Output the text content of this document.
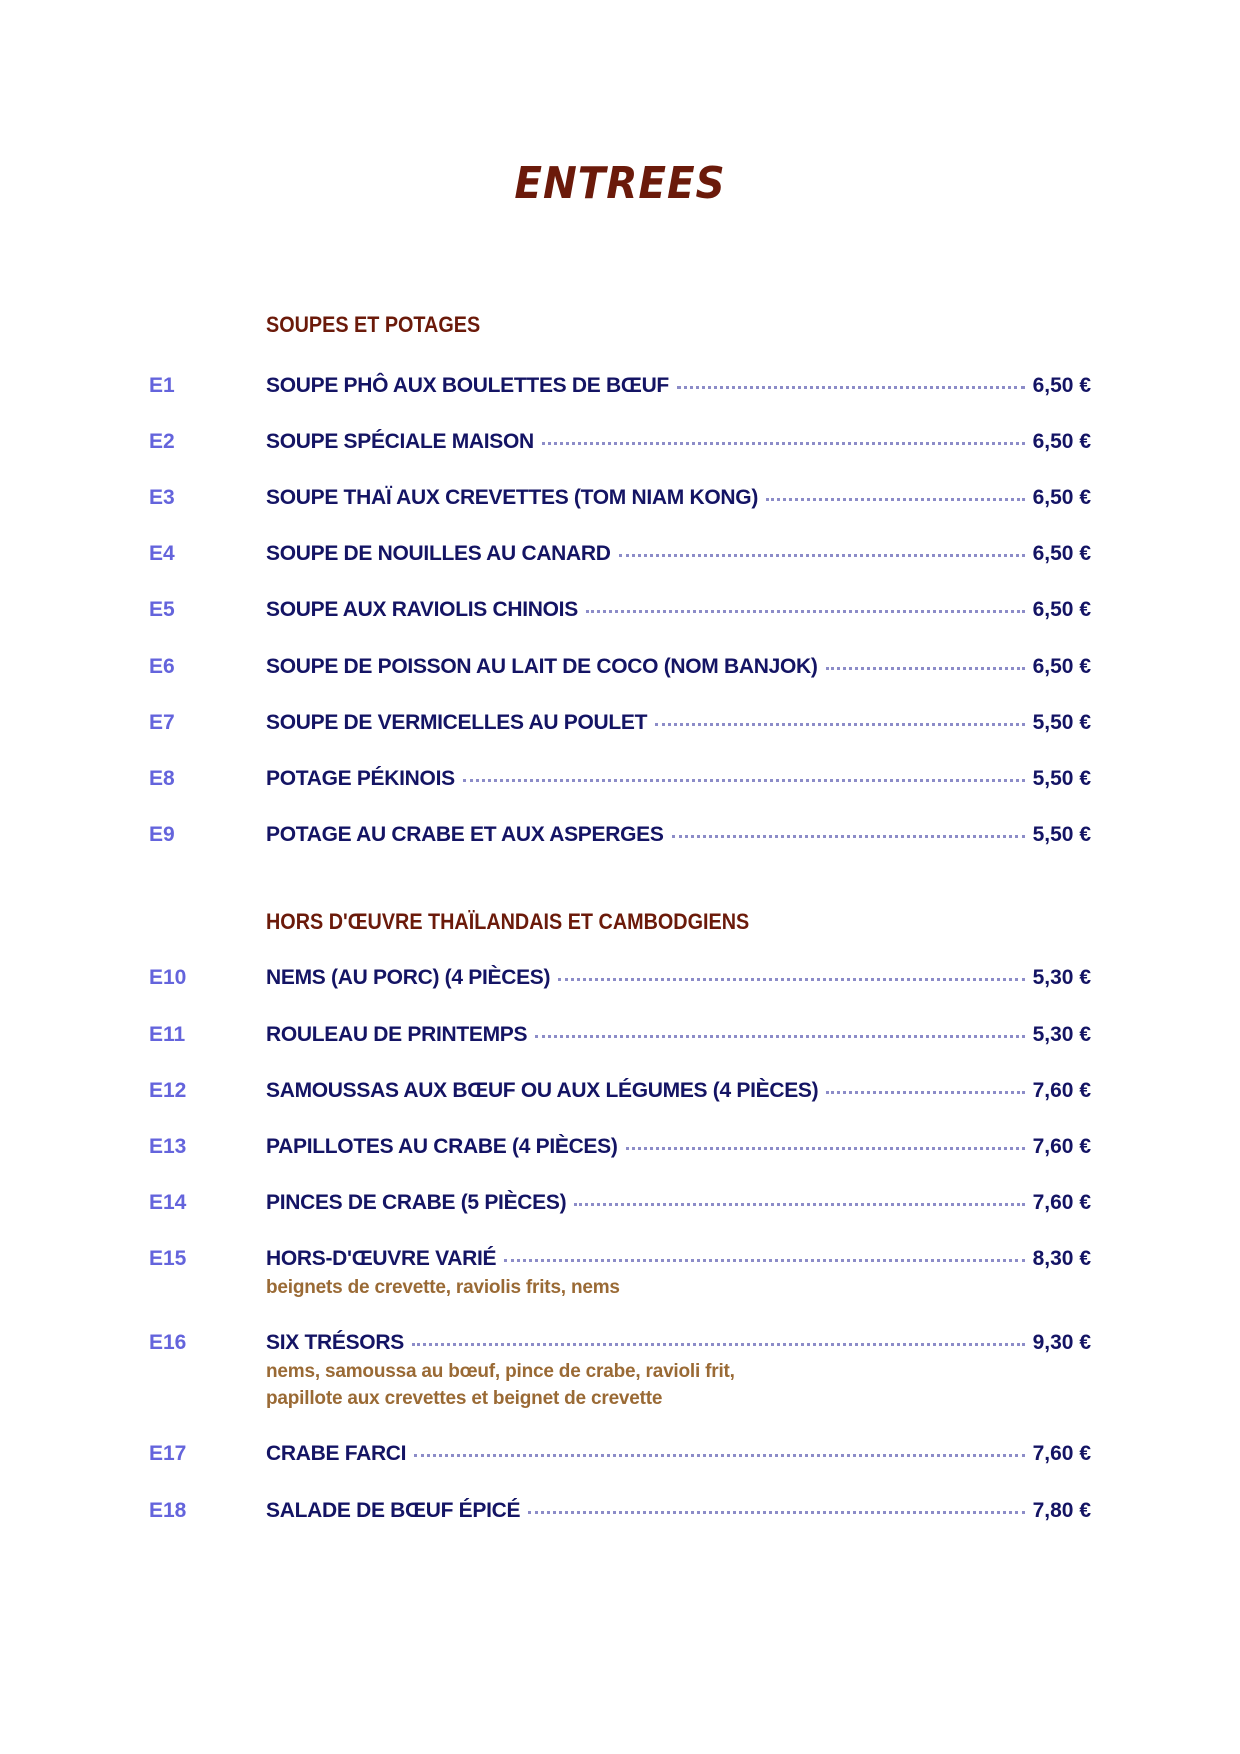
ENTREES
SOUPES ET POTAGES
HORS D'ŒUVRE THAÏLANDAIS ET CAMBODGIENS
E1	SOUPE PHÔ AUX BOULETTES DE BŒUF	6,50 €
E2	SOUPE SPÉCIALE MAISON	6,50 €
E3	SOUPE THAÏ AUX CREVETTES (TOM NIAM KONG)	6,50 €
E4	SOUPE DE NOUILLES AU CANARD	6,50 €
E5	SOUPE AUX RAVIOLIS CHINOIS	6,50 €
E6	SOUPE DE POISSON AU LAIT DE COCO (NOM BANJOK)	6,50 €
E7	SOUPE DE VERMICELLES AU POULET	5,50 €
E8	POTAGE PÉKINOIS	5,50 €
E9	POTAGE AU CRABE ET AUX ASPERGES	5,50 €
E10	NEMS (AU PORC) (4 PIÈCES)	5,30 €
E11	ROULEAU DE PRINTEMPS	5,30 €
E12	SAMOUSSAS AUX BŒUF OU AUX LÉGUMES (4 PIÈCES)	7,60 €
E13	PAPILLOTES AU CRABE (4 PIÈCES)	7,60 €
E14	PINCES DE CRABE (5 PIÈCES)	7,60 €
E15	HORS-D'ŒUVRE VARIÉ	8,30 €
beignets de crevette, raviolis frits, nems
E16	SIX TRÉSORS	9,30 €
nems, samoussa au bœuf, pince de crabe, ravioli frit,
papillote aux crevettes et beignet de crevette
E17	CRABE FARCI	7,60 €
E18	SALADE DE BŒUF ÉPICÉ	7,80 €
